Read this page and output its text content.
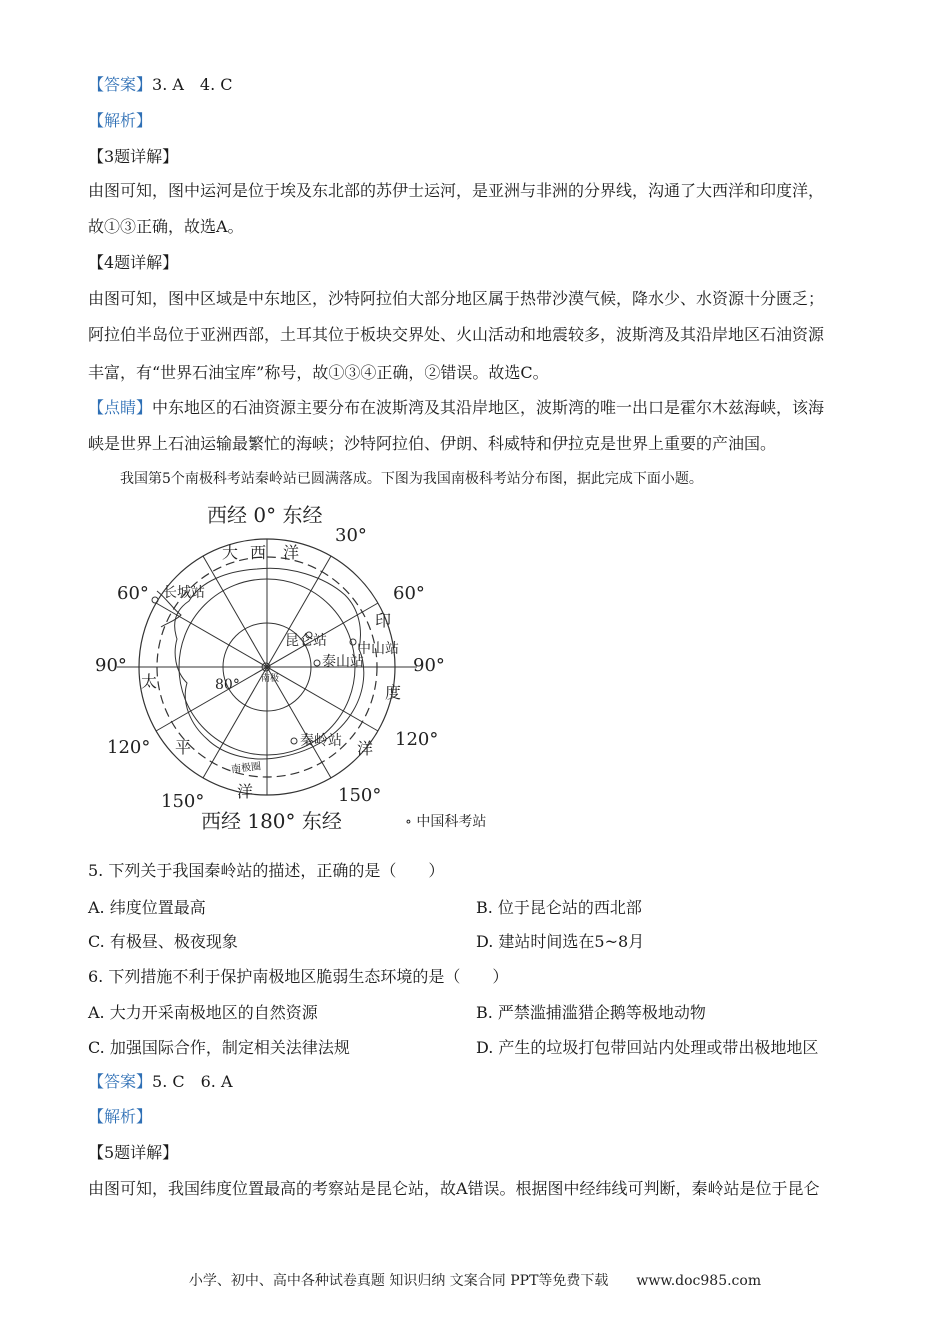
【答案】3. A　4. C
【解析】
【3题详解】
由图可知，图中运河是位于埃及东北部的苏伊士运河，是亚洲与非洲的分界线，沟通了大西洋和印度洋，
故①③正确，故选A。
【4题详解】
由图可知，图中区域是中东地区，沙特阿拉伯大部分地区属于热带沙漠气候，降水少、水资源十分匮乏；
阿拉伯半岛位于亚洲西部，土耳其位于板块交界处、火山活动和地震较多，波斯湾及其沿岸地区石油资源
丰富，有“世界石油宝库”称号，故①③④正确，②错误。故选C。
【点睛】中东地区的石油资源主要分布在波斯湾及其沿岸地区，波斯湾的唯一出口是霍尔木兹海峡，该海
峡是世界上石油运输最繁忙的海峡；沙特阿拉伯、伊朗、科威特和伊拉克是世界上重要的产油国。
我国第5个南极科考站秦岭站已圆满落成。下图为我国南极科考站分布图，据此完成下面小题。
西经 0° 东经
30°
60°	60°
90°	90°
120°	120°
150°	150°
西经 180° 东经
大 西 洋
印
度
洋
太
平
洋
长城站
昆仑站 中山站
泰山站
秦岭站
80° 南极
南极圈
∘ 中国科考站
5. 下列关于我国秦岭站的描述，正确的是（　　）
A. 纬度位置最高	B. 位于昆仑站的西北部
C. 有极昼、极夜现象	D. 建站时间选在5~8月
6. 下列措施不利于保护南极地区脆弱生态环境的是（　　）
A. 大力开采南极地区的自然资源	B. 严禁滥捕滥猎企鹅等极地动物
C. 加强国际合作，制定相关法律法规	D. 产生的垃圾打包带回站内处理或带出极地地区
【答案】5. C　6. A
【解析】
【5题详解】
由图可知，我国纬度位置最高的考察站是昆仑站，故A错误。根据图中经纬线可判断，秦岭站是位于昆仑
小学、初中、高中各种试卷真题 知识归纳 文案合同 PPT等免费下载　　www.doc985.com
